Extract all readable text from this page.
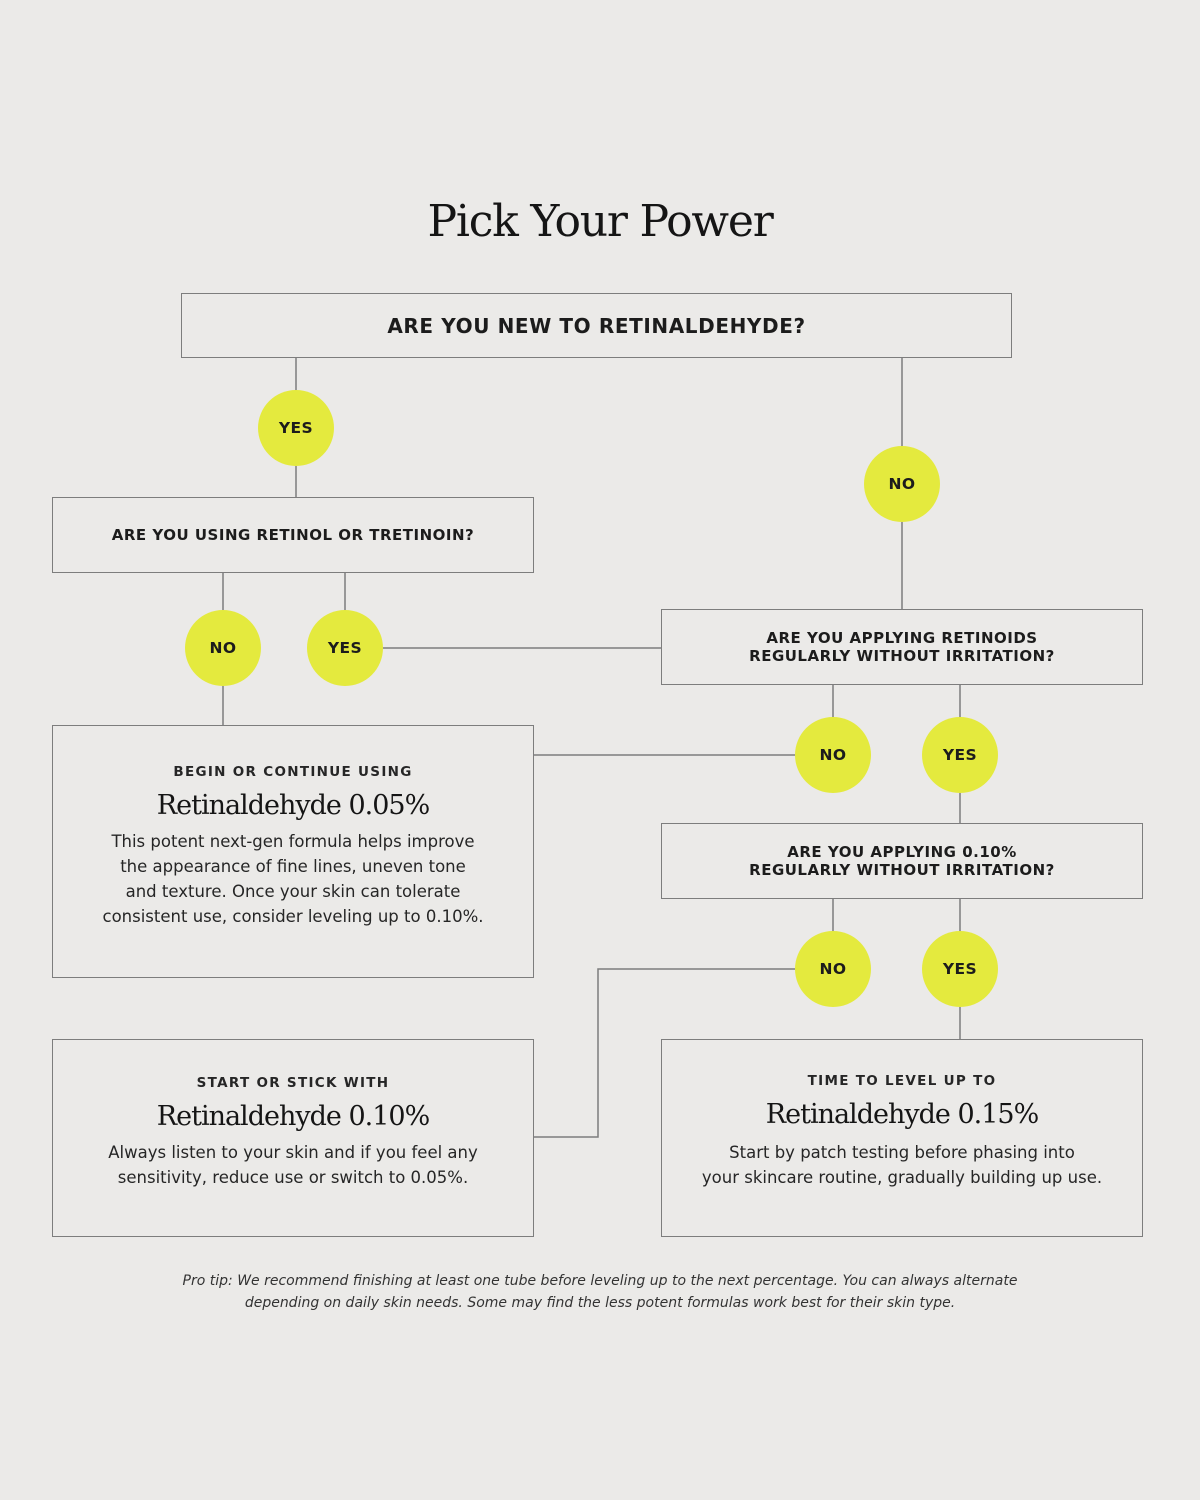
Pick Your Power
ARE YOU NEW TO RETINALDEHYDE?
ARE YOU USING RETINOL OR TRETINOIN?
ARE YOU APPLYING RETINOIDS
REGULARLY WITHOUT IRRITATION?
ARE YOU APPLYING 0.10%
REGULARLY WITHOUT IRRITATION?
YES
NO
NO	YES
NO	YES
NO	YES
BEGIN OR CONTINUE USING
Retinaldehyde 0.05%
This potent next-gen formula helps improve
the appearance of fine lines, uneven tone
and texture. Once your skin can tolerate
consistent use, consider leveling up to 0.10%.
START OR STICK WITH
Retinaldehyde 0.10%
Always listen to your skin and if you feel any
sensitivity, reduce use or switch to 0.05%.
TIME TO LEVEL UP TO
Retinaldehyde 0.15%
Start by patch testing before phasing into
your skincare routine, gradually building up use.
Pro tip: We recommend finishing at least one tube before leveling up to the next percentage. You can always alternate
depending on daily skin needs. Some may find the less potent formulas work best for their skin type.
